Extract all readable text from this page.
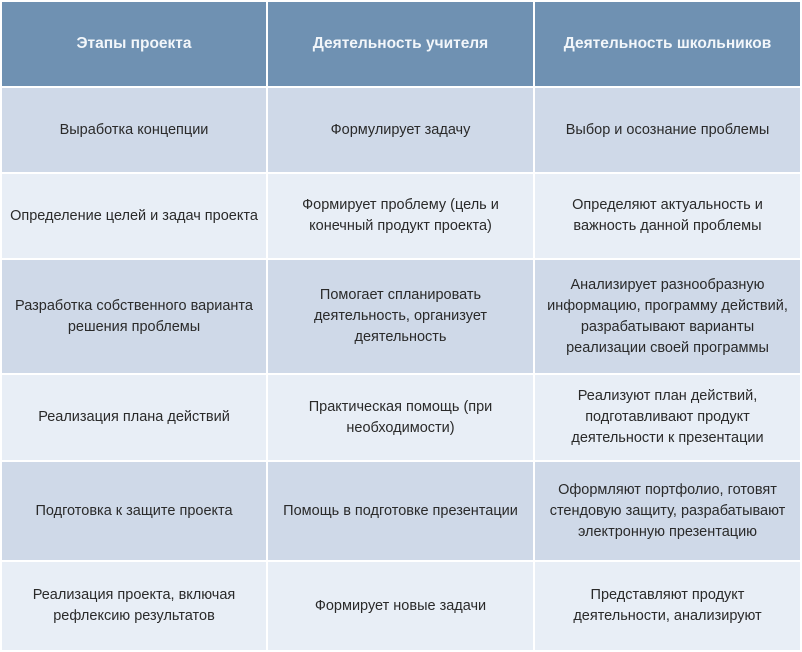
Этапы проекта	Деятельность учителя	Деятельность школьников
Выработка концепции	Формулирует задачу	Выбор и осознание проблемы
Определение целей и задач проекта	Формирует проблему (цель и конечный продукт проекта)	Определяют актуальность и важность данной проблемы
Разработка собственного варианта решения проблемы	Помогает спланировать деятельность, организует деятельность	Анализирует разнообразную информацию, программу действий, разрабатывают варианты реализации своей программы
Реализация плана действий	Практическая помощь (при необходимости)	Реализуют план действий, подготавливают продукт деятельности к презентации
Подготовка к защите проекта	Помощь в подготовке презентации	Оформляют портфолио, готовят стендовую защиту, разрабатывают электронную презентацию
Реализация проекта, включая рефлексию результатов	Формирует новые задачи	Представляют продукт деятельности, анализируют
